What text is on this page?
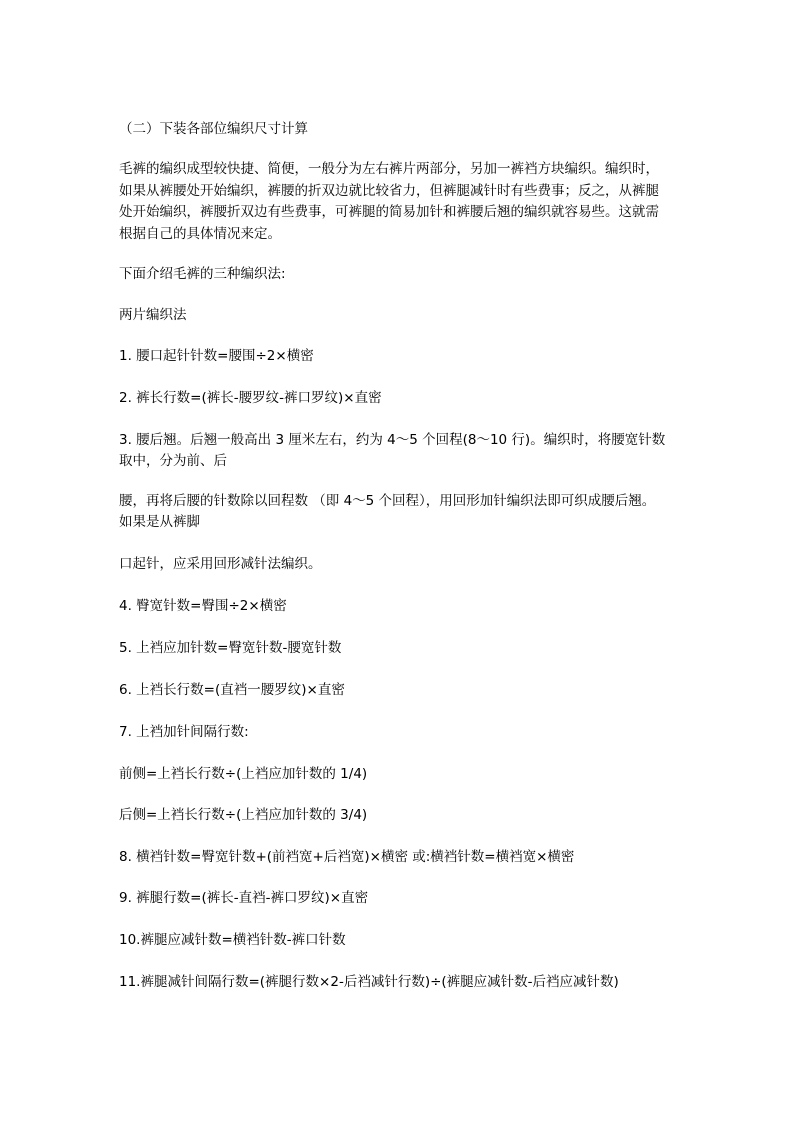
（二）下装各部位编织尺寸计算
毛裤的编织成型较快捷、简便，一般分为左右裤片两部分，另加一裤裆方块编织。编织时，
如果从裤腰处开始编织，裤腰的折双边就比较省力，但裤腿减针时有些费事；反之，从裤腿
处开始编织，裤腰折双边有些费事，可裤腿的简易加针和裤腰后翘的编织就容易些。这就需
根据自己的具体情况来定。
下面介绍毛裤的三种编织法:
两片编织法
1. 腰口起针针数=腰围÷2×横密
2. 裤长行数=(裤长-腰罗纹-裤口罗纹)×直密
3. 腰后翘。后翘一般高出 3 厘米左右，约为 4～5 个回程(8～10 行)。编织时，将腰宽针数
取中，分为前、后
腰，再将后腰的针数除以回程数 （即 4～5 个回程），用回形加针编织法即可织成腰后翘。
如果是从裤脚
口起针，应采用回形减针法编织。
4. 臀宽针数=臀围÷2×横密
5. 上裆应加针数=臀宽针数-腰宽针数
6. 上裆长行数=(直裆一腰罗纹)×直密
7. 上裆加针间隔行数:
前侧=上裆长行数÷(上裆应加针数的 1/4)
后侧=上裆长行数÷(上裆应加针数的 3/4)
8. 横裆针数=臀宽针数+(前裆宽+后裆宽)×横密 或:横裆针数=横裆宽×横密
9. 裤腿行数=(裤长-直裆-裤口罗纹)×直密
10.裤腿应减针数=横裆针数-裤口针数
11.裤腿减针间隔行数=(裤腿行数×2-后裆减针行数)÷(裤腿应减针数-后裆应减针数)
